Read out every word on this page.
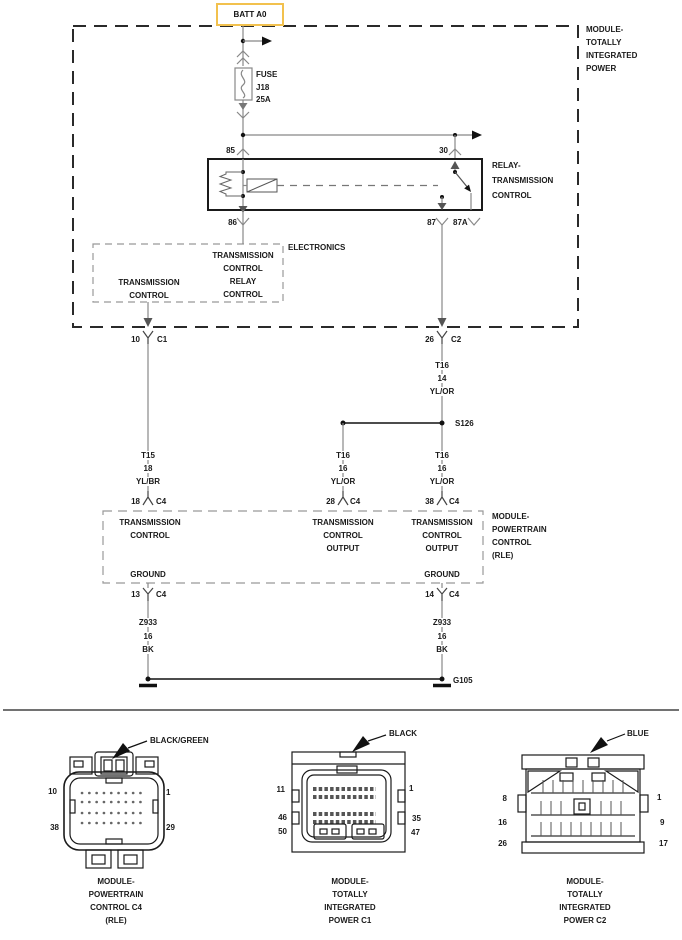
BATT A0
MODULE-
TOTALLY
INTEGRATED
POWER
FUSE
J18
25A
85	30
RELAY-
TRANSMISSION
CONTROL
86	87 87A
ELECTRONICS
TRANSMISSION
CONTROL
RELAY
CONTROL
TRANSMISSION
CONTROL
10 C1	26 C2
T16
14
YL/OR
S126
T15
18
YL/BR
T16
16
YL/OR
T16
16
YL/OR
18 C4	28 C4	38 C4
TRANSMISSION
CONTROL
TRANSMISSION
CONTROL
OUTPUT
TRANSMISSION
CONTROL
OUTPUT
GROUND	GROUND
MODULE-
POWERTRAIN
CONTROL
(RLE)
13 C4	14 C4
Z933
16
BK
Z933
16
BK
G105
BLACK/GREEN
BLACK	BLUE
10	1
38	29
11	1
46	35
50	47
8	1
16	9
26	17
MODULE-
POWERTRAIN
CONTROL C4
(RLE)
MODULE-
TOTALLY
INTEGRATED
POWER C1
MODULE-
TOTALLY
INTEGRATED
POWER C2
